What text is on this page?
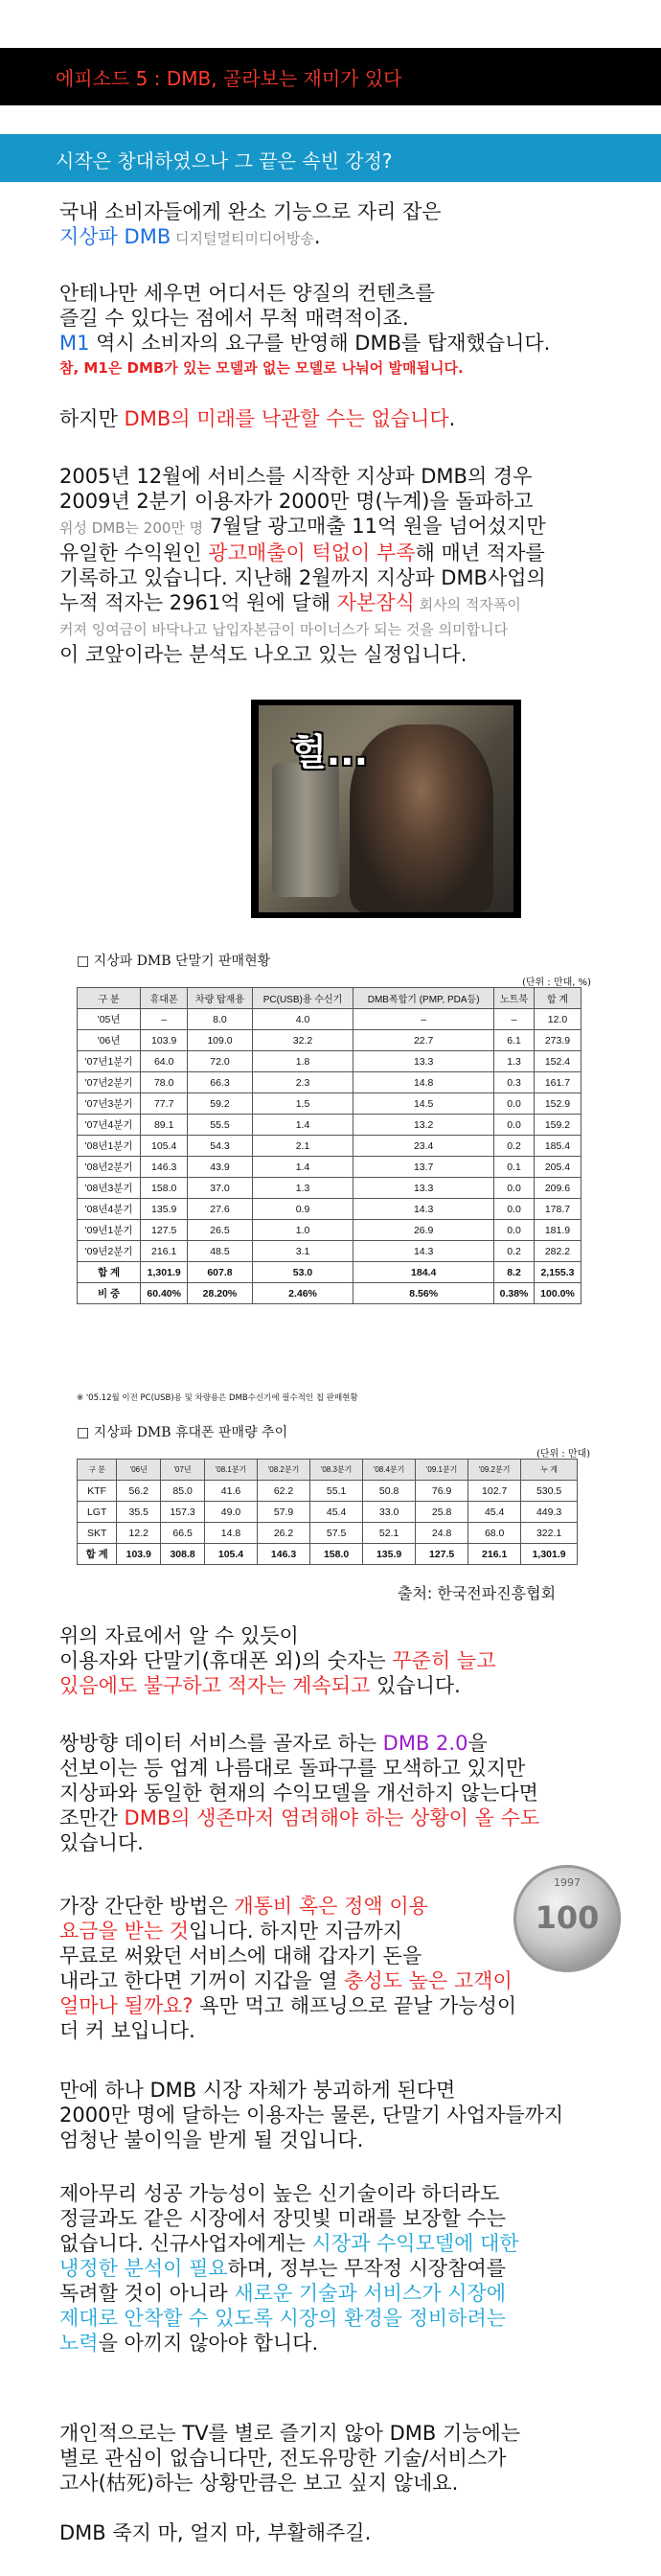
에피소드 5 : DMB, 골라보는 재미가 있다
시작은 창대하였으나 그 끝은 속빈 강정?
국내 소비자들에게 완소 기능으로 자리 잡은
지상파 DMB 디지털멀티미디어방송.
안테나만 세우면 어디서든 양질의 컨텐츠를
즐길 수 있다는 점에서 무척 매력적이죠.
M1 역시 소비자의 요구를 반영해 DMB를 탑재했습니다.
참, M1은 DMB가 있는 모델과 없는 모델로 나눠어 발매됩니다.
하지만 DMB의 미래를 낙관할 수는 없습니다.
2005년 12월에 서비스를 시작한 지상파 DMB의 경우
2009년 2분기 이용자가 2000만 명(누계)을 돌파하고
위성 DMB는 200만 명 7월달 광고매출 11억 원을 넘어섰지만
유일한 수익원인 광고매출이 턱없이 부족해 매년 적자를
기록하고 있습니다. 지난해 2월까지 지상파 DMB사업의
누적 적자는 2961억 원에 달해 자본잠식 회사의 적자폭이
커져 잉여금이 바닥나고 납입자본금이 마이너스가 되는 것을 의미합니다
이 코앞이라는 분석도 나오고 있는 실정입니다.
헐...
□ 지상파 DMB 단말기 판매현황
(단위 : 만대, %)
구 분	휴대폰	차량 탑재용	PC(USB)용 수신기	DMB폭합기 (PMP, PDA등)	노트북	합 계
'05년	–	8.0	4.0	–	–	12.0
'06년	103.9	109.0	32.2	22.7	6.1	273.9
'07년1분기	64.0	72.0	1.8	13.3	1.3	152.4
'07년2분기	78.0	66.3	2.3	14.8	0.3	161.7
'07년3분기	77.7	59.2	1.5	14.5	0.0	152.9
'07년4분기	89.1	55.5	1.4	13.2	0.0	159.2
'08년1분기	105.4	54.3	2.1	23.4	0.2	185.4
'08년2분기	146.3	43.9	1.4	13.7	0.1	205.4
'08년3분기	158.0	37.0	1.3	13.3	0.0	209.6
'08년4분기	135.9	27.6	0.9	14.3	0.0	178.7
'09년1분기	127.5	26.5	1.0	26.9	0.0	181.9
'09년2분기	216.1	48.5	3.1	14.3	0.2	282.2
합 계	1,301.9	607.8	53.0	184.4	8.2	2,155.3
비 중	60.40%	28.20%	2.46%	8.56%	0.38%	100.0%
※ '05.12월 이전 PC(USB)용 및 차량용은 DMB수신기에 필수적인 칩 판매현황
□ 지상파 DMB 휴대폰 판매량 추이
(단위 : 만대)
구 분	'06년	'07년	'08.1분기	'08.2분기	'08.3분기	'08.4분기	'09.1분기	'09.2분기	누 계
KTF	56.2	85.0	41.6	62.2	55.1	50.8	76.9	102.7	530.5
LGT	35.5	157.3	49.0	57.9	45.4	33.0	25.8	45.4	449.3
SKT	12.2	66.5	14.8	26.2	57.5	52.1	24.8	68.0	322.1
합 계	103.9	308.8	105.4	146.3	158.0	135.9	127.5	216.1	1,301.9
출처: 한국전파진흥협회
위의 자료에서 알 수 있듯이
이용자와 단말기(휴대폰 외)의 숫자는 꾸준히 늘고
있음에도 불구하고 적자는 계속되고 있습니다.
쌍방향 데이터 서비스를 골자로 하는 DMB 2.0을
선보이는 등 업계 나름대로 돌파구를 모색하고 있지만
지상파와 동일한 현재의 수익모델을 개선하지 않는다면
조만간 DMB의 생존마저 염려해야 하는 상황이 올 수도
있습니다.
1997
100
가장 간단한 방법은 개통비 혹은 정액 이용
요금을 받는 것입니다. 하지만 지금까지
무료로 써왔던 서비스에 대해 갑자기 돈을
내라고 한다면 기꺼이 지갑을 열 충성도 높은 고객이
얼마나 될까요? 욕만 먹고 해프닝으로 끝날 가능성이
더 커 보입니다.
만에 하나 DMB 시장 자체가 붕괴하게 된다면
2000만 명에 달하는 이용자는 물론, 단말기 사업자들까지
엄청난 불이익을 받게 될 것입니다.
제아무리 성공 가능성이 높은 신기술이라 하더라도
정글과도 같은 시장에서 장밋빛 미래를 보장할 수는
없습니다. 신규사업자에게는 시장과 수익모델에 대한
냉정한 분석이 필요하며, 정부는 무작정 시장참여를
독려할 것이 아니라 새로운 기술과 서비스가 시장에
제대로 안착할 수 있도록 시장의 환경을 정비하려는
노력을 아끼지 않아야 합니다.
개인적으로는 TV를 별로 즐기지 않아 DMB 기능에는
별로 관심이 없습니다만, 전도유망한 기술/서비스가
고사(枯死)하는 상황만큼은 보고 싶지 않네요.
DMB 죽지 마, 얼지 마, 부활해주길.
